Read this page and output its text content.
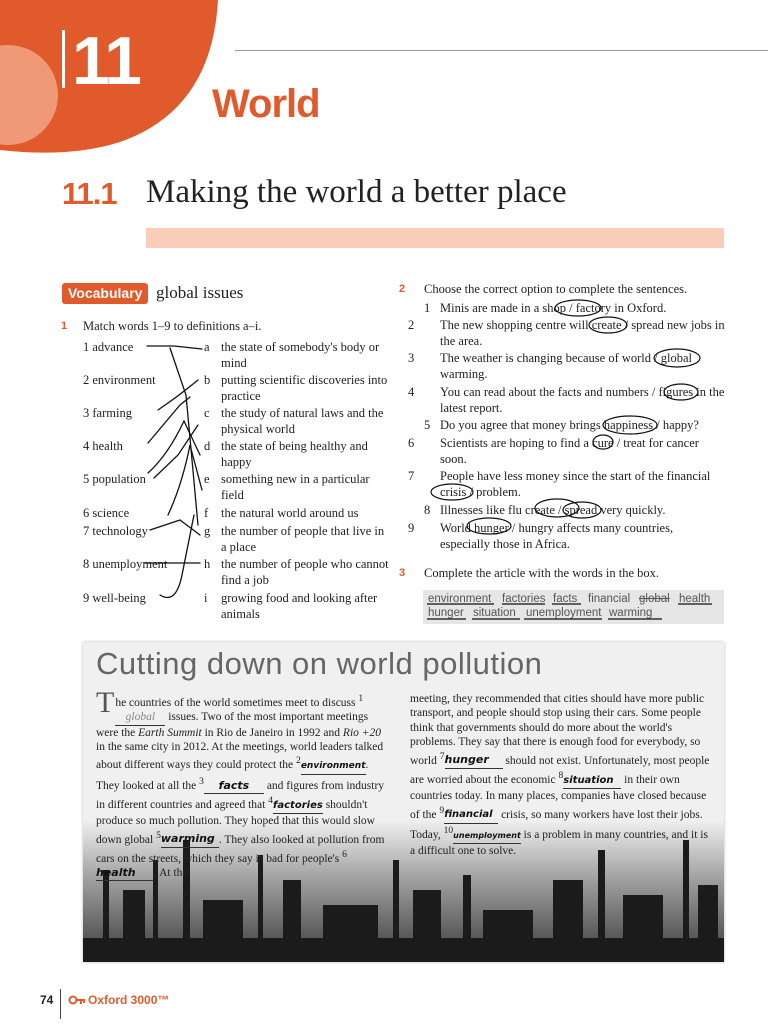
11
World
11.1 Making the world a better place
Vocabulary global issues
1 Match words 1–9 to definitions a–i.
1 advance
2 environment
3 farming
4 health
5 population
6 science
7 technology
8 unemployment
9 well-being
a
b
c
d
e
f
g
h
i
the state of somebody's body or mind
putting scientific discoveries into practice
the study of natural laws and the physical world
the state of being healthy and happy
something new in a particular field
the natural world around us
the number of people that live in a place
the number of people who cannot find a job
growing food and looking after animals
2 Choose the correct option to complete the sentences.
1 Minis are made in a shop / factory in Oxford.
2 The new shopping centre will create / spread new jobs in the area.
3 The weather is changing because of world / global warming.
4 You can read about the facts and numbers / figures in the latest report.
5 Do you agree that money brings happiness / happy?
6 Scientists are hoping to find a cure / treat for cancer soon.
7 People have less money since the start of the financial crisis / problem.
8 Illnesses like flu create / spread very quickly.
9 World hunger / hungry affects many countries, especially those in Africa.
3 Complete the article with the words in the box.
environment factories facts financial global health
hunger situation unemployment warming
Cutting down on world pollution
The countries of the world sometimes meet to discuss $^1$global issues. Two of the most important meetings were the Earth Summit in Rio de Janeiro in 1992 and Rio +20 in the same city in 2012. At the meetings, world leaders talked about different ways they could protect the $^2$environment. They looked at all the $^3$ facts and figures from industry in different countries and agreed that $^4$factories shouldn't produce so much pollution. They hoped that this would slow down global $^5$warming . They also looked at pollution from cars on the streets, which they say is bad for people's $^6$health . At the
meeting, they recommended that cities should have more public transport, and people should stop using their cars. Some people think that governments should do more about the world's problems. They say that there is enough food for everybody, so world $^7$hunger should not exist. Unfortunately, most people are worried about the economic $^8$situation in their own countries today. In many places, companies have closed because of the $^9$financial crisis, so many workers have lost their jobs. Today, $^{10}$unemployment is a problem in many countries, and it is a difficult one to solve.
74	Oxford 3000™
